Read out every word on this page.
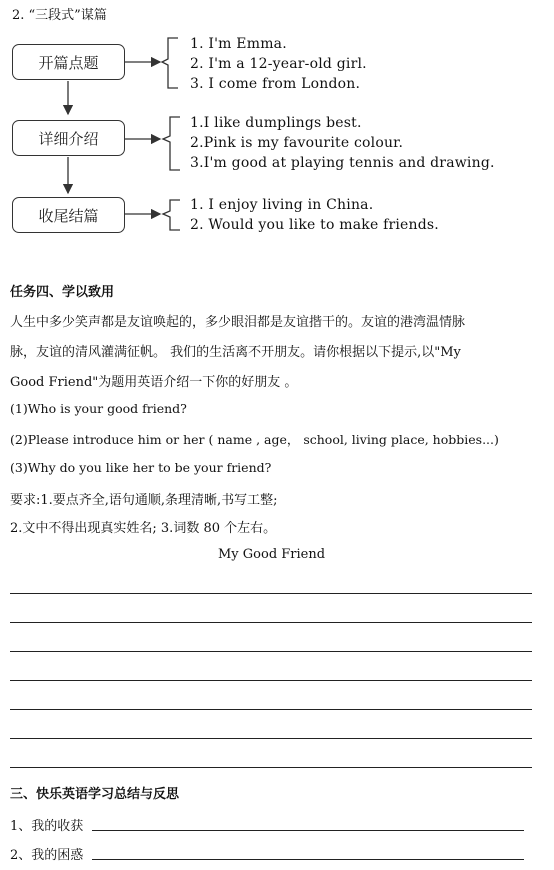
2. “三段式”谋篇
开篇点题
详细介绍
收尾结篇
1. I'm Emma.
2. I'm a 12-year-old girl.
3. I come from London.
1.I like dumplings best.
2.Pink is my favourite colour.
3.I'm good at playing tennis and drawing.
1. I enjoy living in China.
2. Would you like to make friends.
任务四、学以致用
人生中多少笑声都是友谊唤起的，多少眼泪都是友谊揩干的。友谊的港湾温情脉
脉，友谊的清风灌满征帆。 我们的生活离不开朋友。请你根据以下提示,以"My
Good Friend"为题用英语介绍一下你的好朋友 。
(1)Who is your good friend?
(2)Please introduce him or her ( name , age， school, living place, hobbies...)
(3)Why do you like her to be your friend?
要求:1.要点齐全,语句通顺,条理清晰,书写工整;
2.文中不得出现真实姓名; 3.词数 80 个左右。
My Good Friend
三、快乐英语学习总结与反思
1、我的收获
2、我的困惑
